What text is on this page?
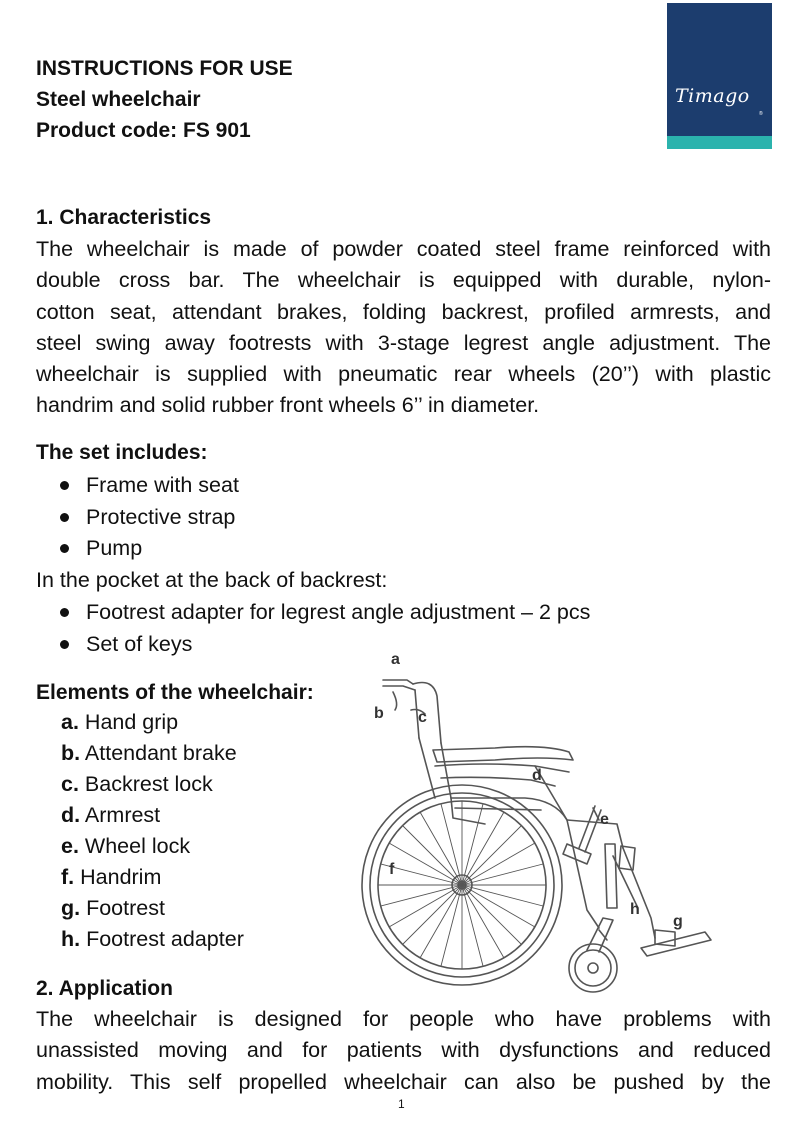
Timago
®
INSTRUCTIONS FOR USE
Steel wheelchair
Product code: FS 901
1. Characteristics
The wheelchair is made of powder coated steel frame reinforced with
double cross bar. The wheelchair is equipped with durable, nylon-
cotton seat, attendant brakes, folding backrest, profiled armrests, and
steel swing away footrests with 3-stage legrest angle adjustment. The
wheelchair is supplied with pneumatic rear wheels (20’’) with plastic
handrim and solid rubber front wheels 6’’ in diameter.
The set includes:
Frame with seat
Protective strap
Pump
In the pocket at the back of backrest:
Footrest adapter for legrest angle adjustment – 2 pcs
Set of keys
Elements of the wheelchair:
a. Hand grip
b. Attendant brake
c. Backrest lock
d. Armrest
e. Wheel lock
f. Handrim
g. Footrest
h. Footrest adapter
a
b c
d
e
f
g
h
2. Application
The wheelchair is designed for people who have problems with
unassisted moving and for patients with dysfunctions and reduced
mobility. This self propelled wheelchair can also be pushed by the
1
